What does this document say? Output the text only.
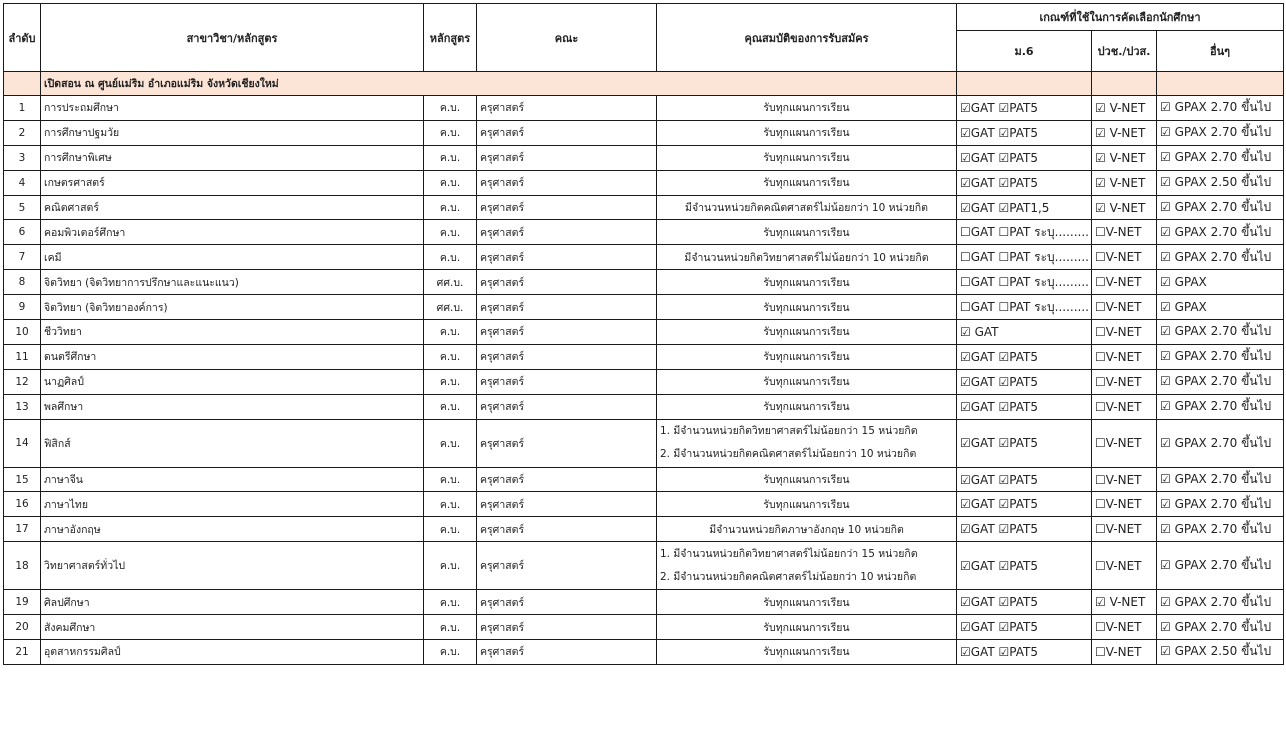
ลำดับ	สาขาวิชา/หลักสูตร	หลักสูตร	คณะ	คุณสมบัติของการรับสมัคร	เกณฑ์ที่ใช้ในการคัดเลือกนักศึกษา		
					ม.6	ปวช./ปวส.	อื่นๆ
	เปิดสอน ณ ศูนย์แม่ริม อำเภอแม่ริม จังหวัดเชียงใหม่						
1	การประถมศึกษา	ค.บ.	ครุศาสตร์	รับทุกแผนการเรียน	☑GAT ☑PAT5	☑ V-NET	☑ GPAX 2.70 ขึ้นไป
2	การศึกษาปฐมวัย	ค.บ.	ครุศาสตร์	รับทุกแผนการเรียน	☑GAT ☑PAT5	☑ V-NET	☑ GPAX 2.70 ขึ้นไป
3	การศึกษาพิเศษ	ค.บ.	ครุศาสตร์	รับทุกแผนการเรียน	☑GAT ☑PAT5	☑ V-NET	☑ GPAX 2.70 ขึ้นไป
4	เกษตรศาสตร์	ค.บ.	ครุศาสตร์	รับทุกแผนการเรียน	☑GAT ☑PAT5	☑ V-NET	☑ GPAX 2.50 ขึ้นไป
5	คณิตศาสตร์	ค.บ.	ครุศาสตร์	มีจำนวนหน่วยกิตคณิตศาสตร์ไม่น้อยกว่า 10 หน่วยกิต	☑GAT ☑PAT1,5	☑ V-NET	☑ GPAX 2.70 ขึ้นไป
6	คอมพิวเตอร์ศึกษา	ค.บ.	ครุศาสตร์	รับทุกแผนการเรียน	☐GAT ☐PAT ระบุ.........	☐V-NET	☑ GPAX 2.70 ขึ้นไป
7	เคมี	ค.บ.	ครุศาสตร์	มีจำนวนหน่วยกิตวิทยาศาสตร์ไม่น้อยกว่า 10 หน่วยกิต	☐GAT ☐PAT ระบุ.........	☐V-NET	☑ GPAX 2.70 ขึ้นไป
8	จิตวิทยา (จิตวิทยาการปรึกษาและแนะแนว)	ศศ.บ.	ครุศาสตร์	รับทุกแผนการเรียน	☐GAT ☐PAT ระบุ.........	☐V-NET	☑ GPAX
9	จิตวิทยา (จิตวิทยาองค์การ)	ศศ.บ.	ครุศาสตร์	รับทุกแผนการเรียน	☐GAT ☐PAT ระบุ.........	☐V-NET	☑ GPAX
10	ชีววิทยา	ค.บ.	ครุศาสตร์	รับทุกแผนการเรียน	☑ GAT	☐V-NET	☑ GPAX 2.70 ขึ้นไป
11	ดนตรีศึกษา	ค.บ.	ครุศาสตร์	รับทุกแผนการเรียน	☑GAT ☑PAT5	☐V-NET	☑ GPAX 2.70 ขึ้นไป
12	นาฏศิลป์	ค.บ.	ครุศาสตร์	รับทุกแผนการเรียน	☑GAT ☑PAT5	☐V-NET	☑ GPAX 2.70 ขึ้นไป
13	พลศึกษา	ค.บ.	ครุศาสตร์	รับทุกแผนการเรียน	☑GAT ☑PAT5	☐V-NET	☑ GPAX 2.70 ขึ้นไป
14	ฟิสิกส์	ค.บ.	ครุศาสตร์	1. มีจำนวนหน่วยกิตวิทยาศาสตร์ไม่น้อยกว่า 15 หน่วยกิต
2. มีจำนวนหน่วยกิตคณิตศาสตร์ไม่น้อยกว่า 10 หน่วยกิต	☑GAT ☑PAT5	☐V-NET	☑ GPAX 2.70 ขึ้นไป
15	ภาษาจีน	ค.บ.	ครุศาสตร์	รับทุกแผนการเรียน	☑GAT ☑PAT5	☐V-NET	☑ GPAX 2.70 ขึ้นไป
16	ภาษาไทย	ค.บ.	ครุศาสตร์	รับทุกแผนการเรียน	☑GAT ☑PAT5	☐V-NET	☑ GPAX 2.70 ขึ้นไป
17	ภาษาอังกฤษ	ค.บ.	ครุศาสตร์	มีจำนวนหน่วยกิตภาษาอังกฤษ 10 หน่วยกิต	☑GAT ☑PAT5	☐V-NET	☑ GPAX 2.70 ขึ้นไป
18	วิทยาศาสตร์ทั่วไป	ค.บ.	ครุศาสตร์	1. มีจำนวนหน่วยกิตวิทยาศาสตร์ไม่น้อยกว่า 15 หน่วยกิต
2. มีจำนวนหน่วยกิตคณิตศาสตร์ไม่น้อยกว่า 10 หน่วยกิต	☑GAT ☑PAT5	☐V-NET	☑ GPAX 2.70 ขึ้นไป
19	ศิลปศึกษา	ค.บ.	ครุศาสตร์	รับทุกแผนการเรียน	☑GAT ☑PAT5	☑ V-NET	☑ GPAX 2.70 ขึ้นไป
20	สังคมศึกษา	ค.บ.	ครุศาสตร์	รับทุกแผนการเรียน	☑GAT ☑PAT5	☐V-NET	☑ GPAX 2.70 ขึ้นไป
21	อุตสาหกรรมศิลป์	ค.บ.	ครุศาสตร์	รับทุกแผนการเรียน	☑GAT ☑PAT5	☐V-NET	☑ GPAX 2.50 ขึ้นไป
